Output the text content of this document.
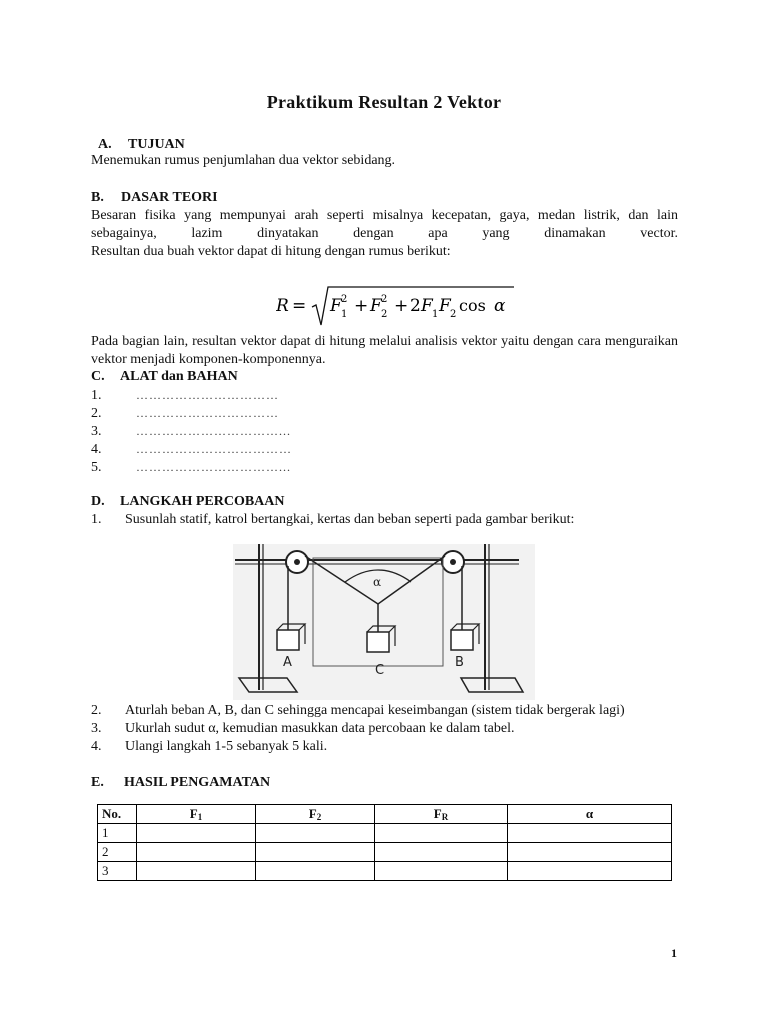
Praktikum Resultan 2 Vektor
A. TUJUAN
Menemukan rumus penjumlahan dua vektor sebidang.
B. DASAR TEORI
Besaran fisika yang mempunyai arah seperti misalnya kecepatan, gaya, medan listrik, dan lain
sebagainya, lazim dinyatakan dengan apa yang dinamakan vector.
Resultan dua buah vektor dapat di hitung dengan rumus berikut:
R = F 2
1 + F 2
2 + 2 F 1 F 2 cos α
Pada bagian lain, resultan vektor dapat di hitung melalui analisis vektor yaitu dengan cara menguraikan vektor menjadi komponen-komponennya.
C. ALAT dan BAHAN
1.	……………………………
2.	……………………………
3.	……………………………...
4.	………………………………
5.	……………………………...
D. LANGKAH PERCOBAAN
1. Susunlah statif, katrol bertangkai, kertas dan beban seperti pada gambar berikut:
α
A
C
B
2. Aturlah beban A, B, dan C sehingga mencapai keseimbangan (sistem tidak bergerak lagi)
3. Ukurlah sudut α, kemudian masukkan data percobaan ke dalam tabel.
4. Ulangi langkah 1-5 sebanyak 5 kali.
E. HASIL PENGAMATAN
No.	$F_1$	$F_2$	$F_R$	α
1				
2				
3				
1
